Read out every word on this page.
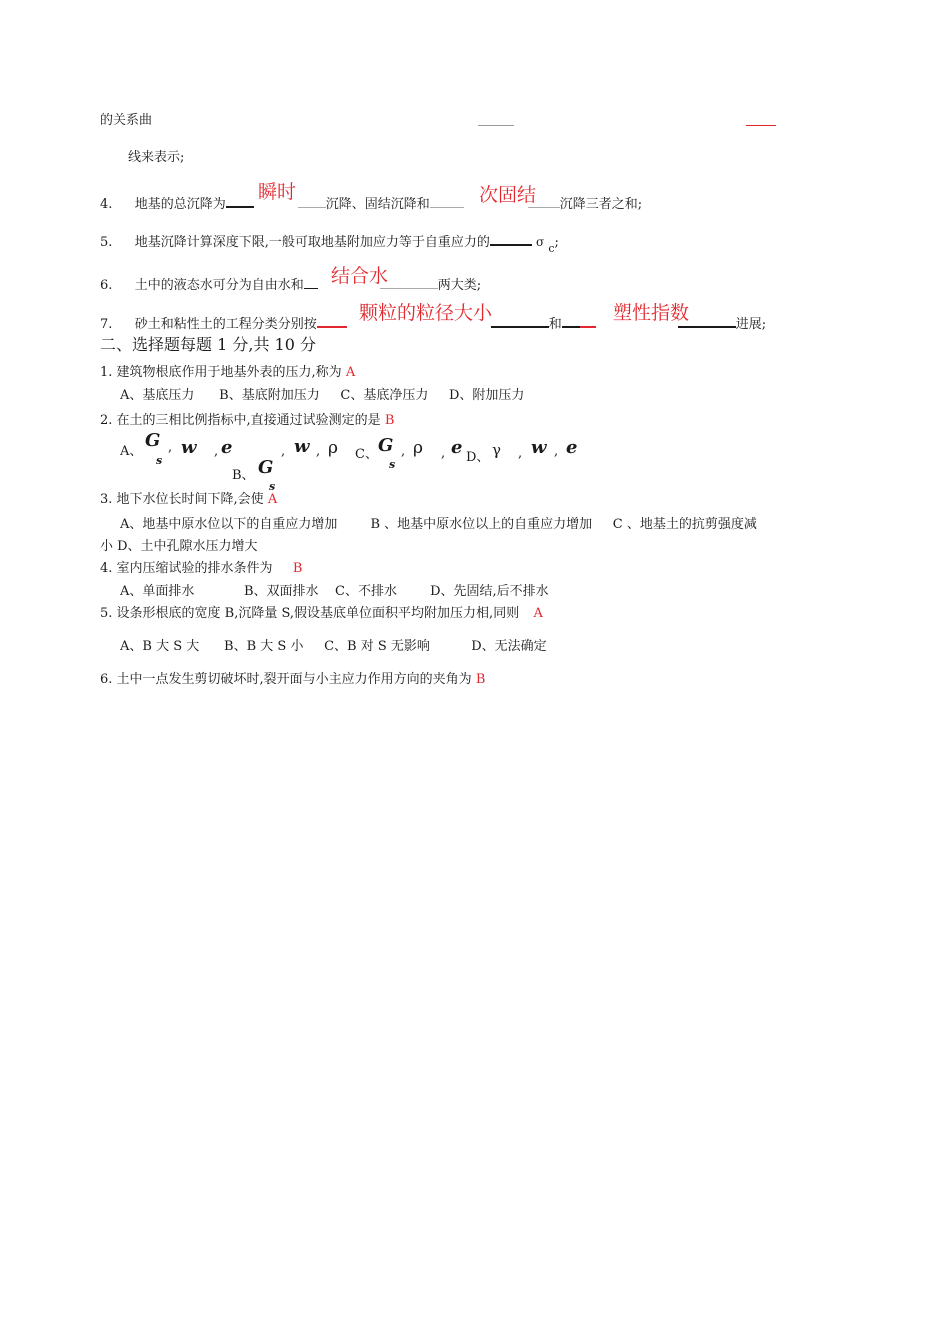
的关系曲
线来表示;
4. 地基的总沉降为	沉降、固结沉降和	沉降三者之和;
瞬时	次固结
5. 地基沉降计算深度下限,一般可取地基附加应力等于自重应力的	σ $_c$;
6. 土中的液态水可分为自由水和	两大类;
结合水
7. 砂土和粘性土的工程分类分别按	和	进展;
颗粒的粒径大小	塑性指数
二、选择题每题 1 分,共 10 分
1. 建筑物根底作用于地基外表的压力,称为 A
A、基底压力      B、基底附加压力     C、基底净压力     D、附加压力
2. 在土的三相比例指标中,直接通过试验测定的是 B
A、
G
s
, w , e
B、 G
s
, w , ρ C、 G
s
, ρ , e D、 γ , w , e
3. 地下水位长时间下降,会使 A
A、地基中原水位以下的自重应力增加        B 、地基中原水位以上的自重应力增加     C 、地基土的抗剪强度减
小 D、土中孔隙水压力增大
4. 室内压缩试验的排水条件为 B
A、单面排水            B、双面排水    C、不排水        D、先固结,后不排水
5. 设条形根底的宽度 B,沉降量 S,假设基底单位面积平均附加压力相,同则 A
A、B 大 S 大      B、B 大 S 小     C、B 对 S 无影响          D、无法确定
6. 土中一点发生剪切破坏时,裂开面与小主应力作用方向的夹角为 B
